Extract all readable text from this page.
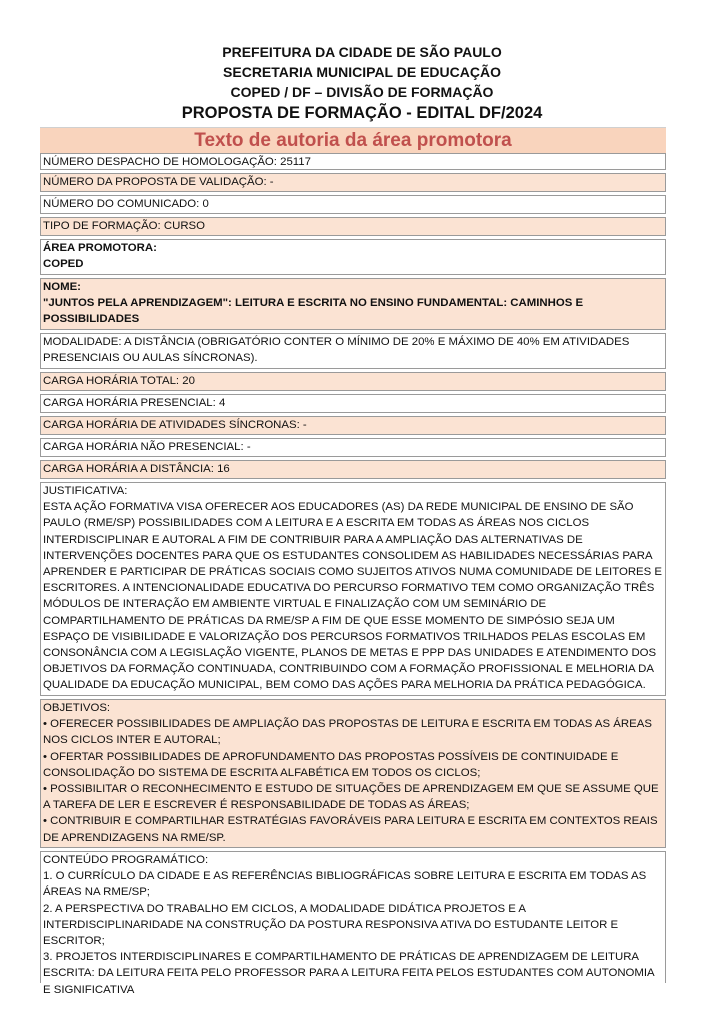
PREFEITURA DA CIDADE DE SÃO PAULO
SECRETARIA MUNICIPAL DE EDUCAÇÃO
COPED / DF – DIVISÃO DE FORMAÇÃO
PROPOSTA DE FORMAÇÃO - EDITAL DF/2024
Texto de autoria da área promotora
NÚMERO DESPACHO DE HOMOLOGAÇÃO: 25117
NÚMERO DA PROPOSTA DE VALIDAÇÃO: -
NÚMERO DO COMUNICADO: 0
TIPO DE FORMAÇÃO: CURSO
ÁREA PROMOTORA:
COPED
NOME:
"JUNTOS PELA APRENDIZAGEM": LEITURA E ESCRITA NO ENSINO FUNDAMENTAL: CAMINHOS E POSSIBILIDADES
MODALIDADE: A DISTÂNCIA (OBRIGATÓRIO CONTER O MÍNIMO DE 20% E MÁXIMO DE 40% EM ATIVIDADES PRESENCIAIS OU AULAS SÍNCRONAS).
CARGA HORÁRIA TOTAL: 20
CARGA HORÁRIA PRESENCIAL: 4
CARGA HORÁRIA DE ATIVIDADES SÍNCRONAS: -
CARGA HORÁRIA NÃO PRESENCIAL: -
CARGA HORÁRIA A DISTÂNCIA: 16
JUSTIFICATIVA:
ESTA AÇÃO FORMATIVA VISA OFERECER AOS EDUCADORES (AS) DA REDE MUNICIPAL DE ENSINO DE SÃO PAULO (RME/SP) POSSIBILIDADES COM A LEITURA E A ESCRITA EM TODAS AS ÁREAS NOS CICLOS INTERDISCIPLINAR E AUTORAL A FIM DE CONTRIBUIR PARA A AMPLIAÇÃO DAS ALTERNATIVAS DE INTERVENÇÕES DOCENTES PARA QUE OS ESTUDANTES CONSOLIDEM AS HABILIDADES NECESSÁRIAS PARA APRENDER E PARTICIPAR DE PRÁTICAS SOCIAIS COMO SUJEITOS ATIVOS NUMA COMUNIDADE DE LEITORES E ESCRITORES. A INTENCIONALIDADE EDUCATIVA DO PERCURSO FORMATIVO TEM COMO ORGANIZAÇÃO TRÊS MÓDULOS DE INTERAÇÃO EM AMBIENTE VIRTUAL E FINALIZAÇÃO COM UM SEMINÁRIO DE COMPARTILHAMENTO DE PRÁTICAS DA RME/SP A FIM DE QUE ESSE MOMENTO DE SIMPÓSIO SEJA UM ESPAÇO DE VISIBILIDADE E VALORIZAÇÃO DOS PERCURSOS FORMATIVOS TRILHADOS PELAS ESCOLAS EM CONSONÂNCIA COM A LEGISLAÇÃO VIGENTE, PLANOS DE METAS E PPP DAS UNIDADES E ATENDIMENTO DOS OBJETIVOS DA FORMAÇÃO CONTINUADA, CONTRIBUINDO COM A FORMAÇÃO PROFISSIONAL E MELHORIA DA QUALIDADE DA EDUCAÇÃO MUNICIPAL, BEM COMO DAS AÇÕES PARA MELHORIA DA PRÁTICA PEDAGÓGICA.
OBJETIVOS:
• OFERECER POSSIBILIDADES DE AMPLIAÇÃO DAS PROPOSTAS DE LEITURA E ESCRITA EM TODAS AS ÁREAS NOS CICLOS INTER E AUTORAL;
• OFERTAR POSSIBILIDADES DE APROFUNDAMENTO DAS PROPOSTAS POSSÍVEIS DE CONTINUIDADE E CONSOLIDAÇÃO DO SISTEMA DE ESCRITA ALFABÉTICA EM TODOS OS CICLOS;
• POSSIBILITAR O RECONHECIMENTO E ESTUDO DE SITUAÇÕES DE APRENDIZAGEM EM QUE SE ASSUME QUE A TAREFA DE LER E ESCREVER É RESPONSABILIDADE DE TODAS AS ÁREAS;
• CONTRIBUIR E COMPARTILHAR ESTRATÉGIAS FAVORÁVEIS PARA LEITURA E ESCRITA EM CONTEXTOS REAIS DE APRENDIZAGENS NA RME/SP.
CONTEÚDO PROGRAMÁTICO:
1. O CURRÍCULO DA CIDADE E AS REFERÊNCIAS BIBLIOGRÁFICAS SOBRE LEITURA E ESCRITA EM TODAS AS ÁREAS NA RME/SP;
2. A PERSPECTIVA DO TRABALHO EM CICLOS, A MODALIDADE DIDÁTICA PROJETOS E A INTERDISCIPLINARIDADE NA CONSTRUÇÃO DA POSTURA RESPONSIVA ATIVA DO ESTUDANTE LEITOR E ESCRITOR;
3. PROJETOS INTERDISCIPLINARES E COMPARTILHAMENTO DE PRÁTICAS DE APRENDIZAGEM DE LEITURA ESCRITA: DA LEITURA FEITA PELO PROFESSOR PARA A LEITURA FEITA PELOS ESTUDANTES COM AUTONOMIA E SIGNIFICATIVA
